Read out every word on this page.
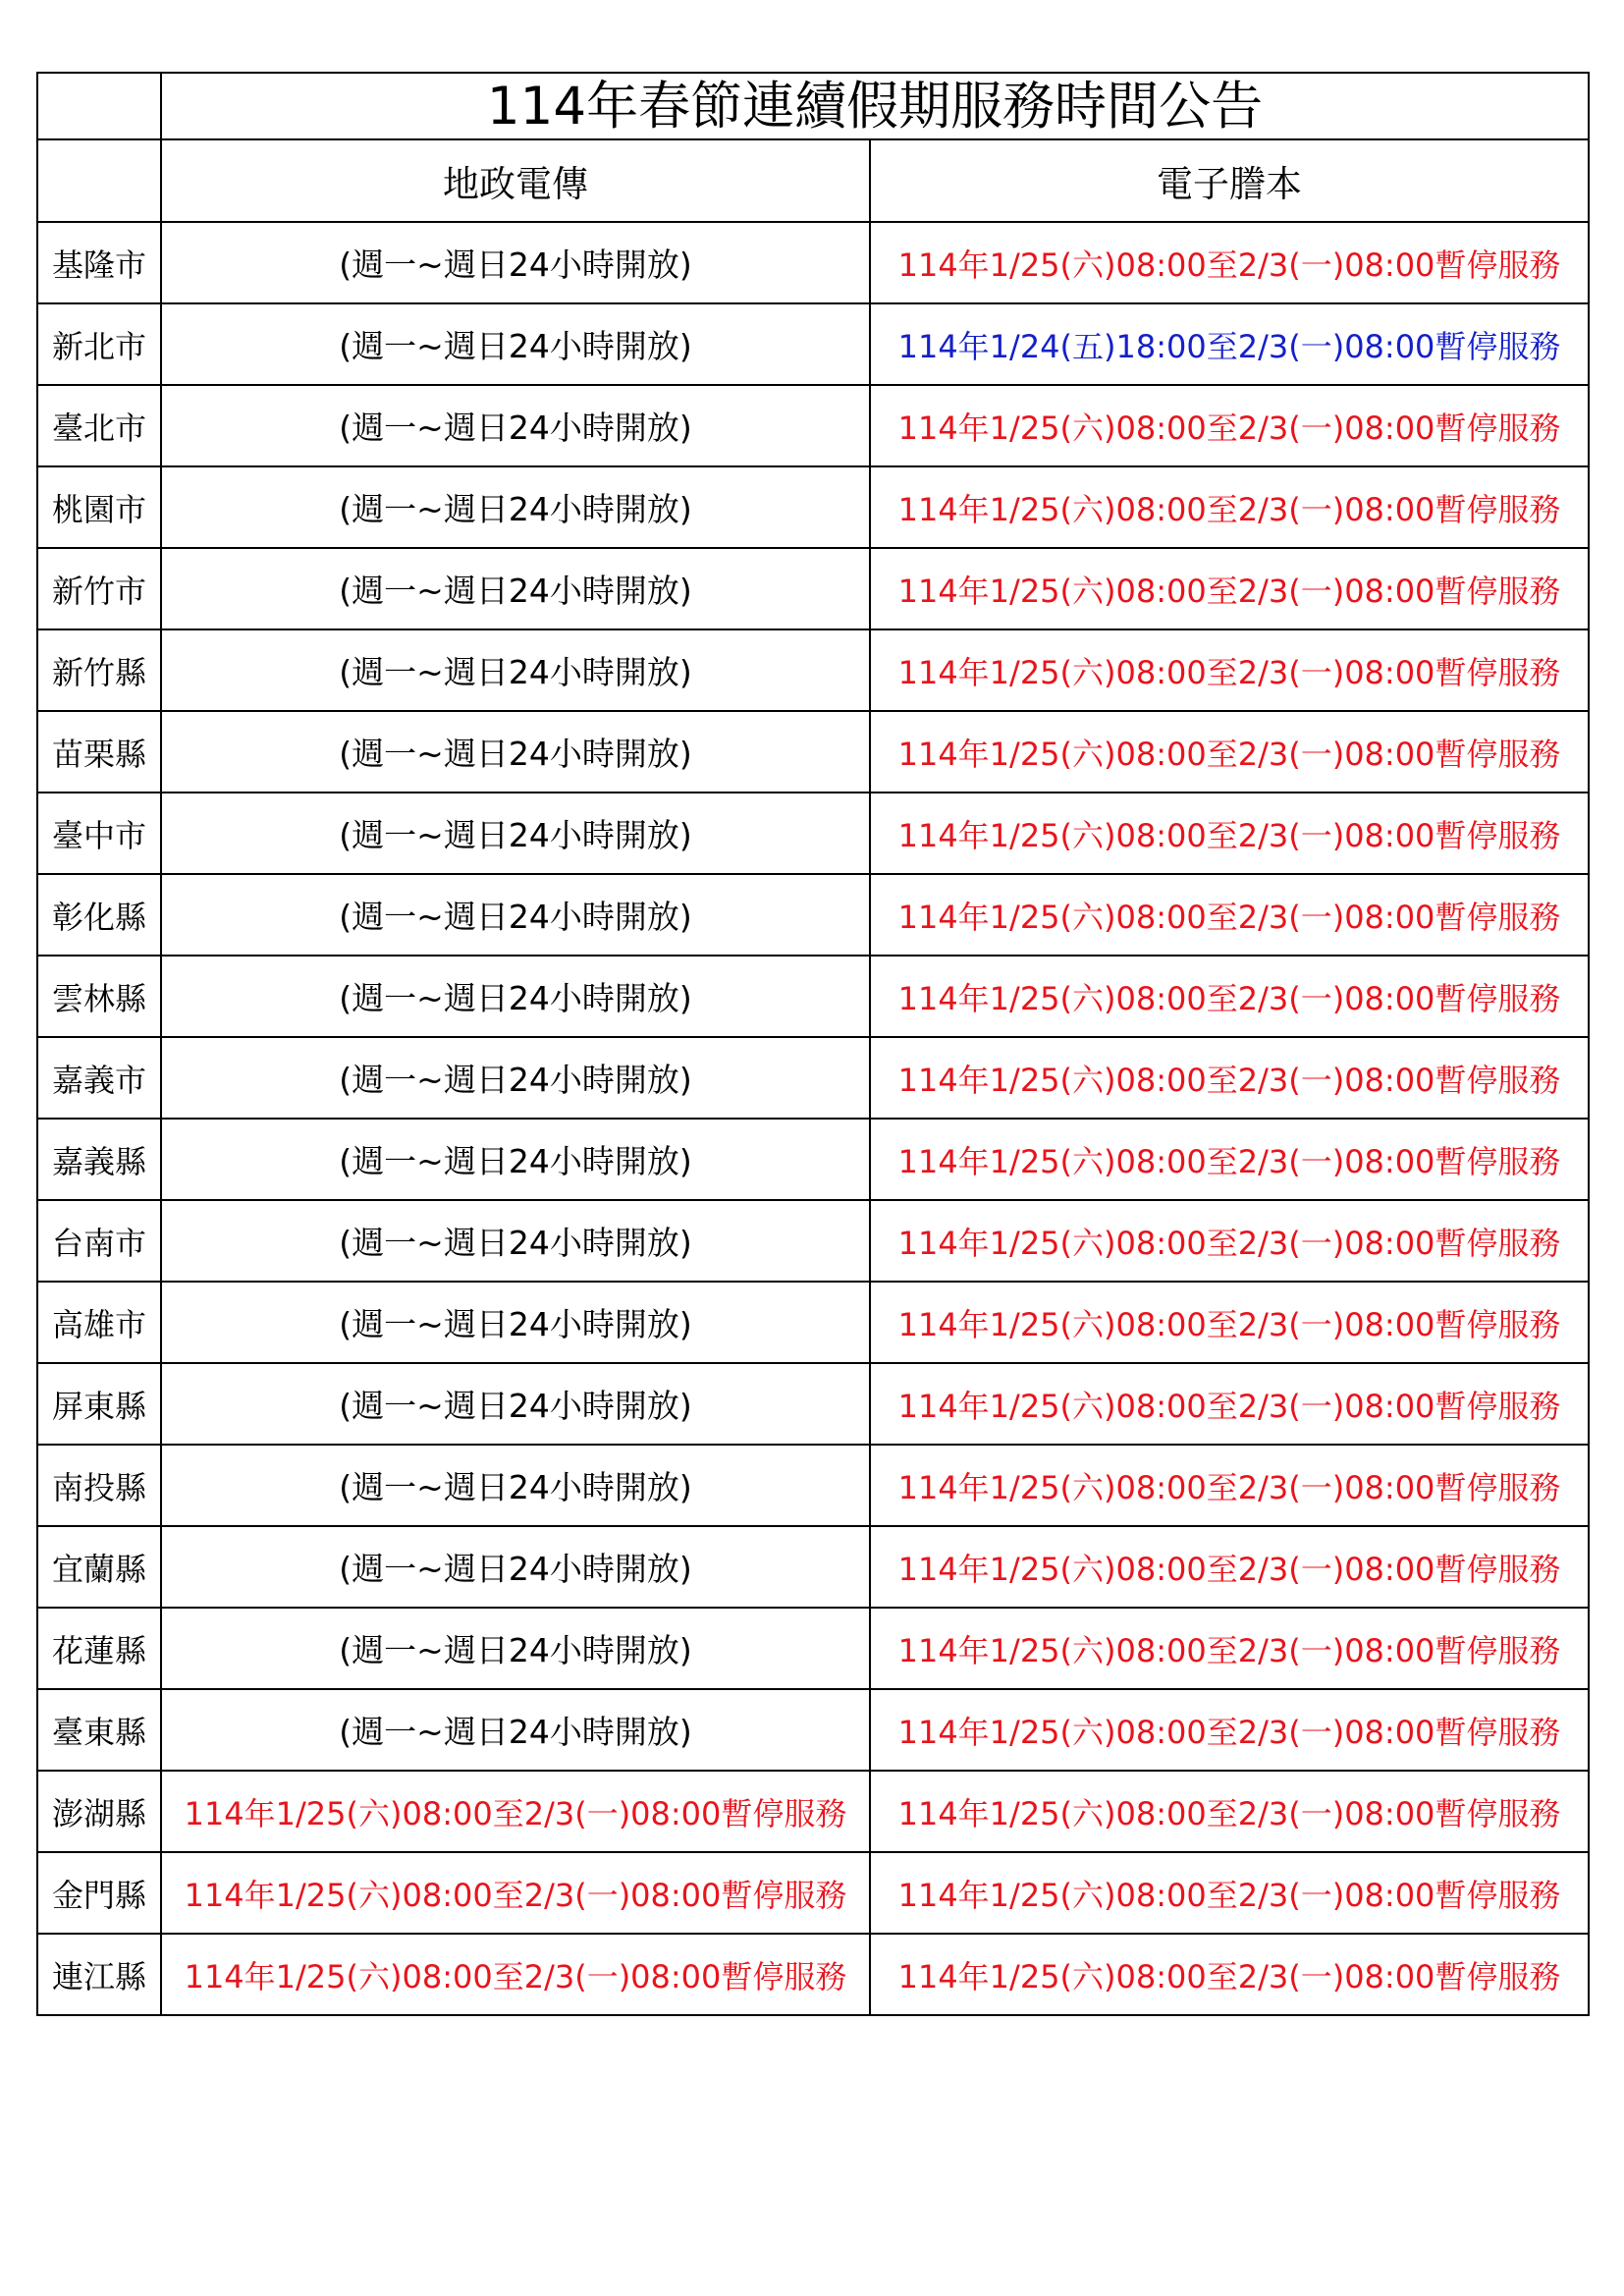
	114年春節連續假期服務時間公告	
	地政電傳	電子謄本
基隆市	(週一~週日24小時開放)	114年1/25(六)08:00至2/3(一)08:00暫停服務
新北市	(週一~週日24小時開放)	114年1/24(五)18:00至2/3(一)08:00暫停服務
臺北市	(週一~週日24小時開放)	114年1/25(六)08:00至2/3(一)08:00暫停服務
桃園市	(週一~週日24小時開放)	114年1/25(六)08:00至2/3(一)08:00暫停服務
新竹市	(週一~週日24小時開放)	114年1/25(六)08:00至2/3(一)08:00暫停服務
新竹縣	(週一~週日24小時開放)	114年1/25(六)08:00至2/3(一)08:00暫停服務
苗栗縣	(週一~週日24小時開放)	114年1/25(六)08:00至2/3(一)08:00暫停服務
臺中市	(週一~週日24小時開放)	114年1/25(六)08:00至2/3(一)08:00暫停服務
彰化縣	(週一~週日24小時開放)	114年1/25(六)08:00至2/3(一)08:00暫停服務
雲林縣	(週一~週日24小時開放)	114年1/25(六)08:00至2/3(一)08:00暫停服務
嘉義市	(週一~週日24小時開放)	114年1/25(六)08:00至2/3(一)08:00暫停服務
嘉義縣	(週一~週日24小時開放)	114年1/25(六)08:00至2/3(一)08:00暫停服務
台南市	(週一~週日24小時開放)	114年1/25(六)08:00至2/3(一)08:00暫停服務
高雄市	(週一~週日24小時開放)	114年1/25(六)08:00至2/3(一)08:00暫停服務
屏東縣	(週一~週日24小時開放)	114年1/25(六)08:00至2/3(一)08:00暫停服務
南投縣	(週一~週日24小時開放)	114年1/25(六)08:00至2/3(一)08:00暫停服務
宜蘭縣	(週一~週日24小時開放)	114年1/25(六)08:00至2/3(一)08:00暫停服務
花蓮縣	(週一~週日24小時開放)	114年1/25(六)08:00至2/3(一)08:00暫停服務
臺東縣	(週一~週日24小時開放)	114年1/25(六)08:00至2/3(一)08:00暫停服務
澎湖縣	114年1/25(六)08:00至2/3(一)08:00暫停服務	114年1/25(六)08:00至2/3(一)08:00暫停服務
金門縣	114年1/25(六)08:00至2/3(一)08:00暫停服務	114年1/25(六)08:00至2/3(一)08:00暫停服務
連江縣	114年1/25(六)08:00至2/3(一)08:00暫停服務	114年1/25(六)08:00至2/3(一)08:00暫停服務
